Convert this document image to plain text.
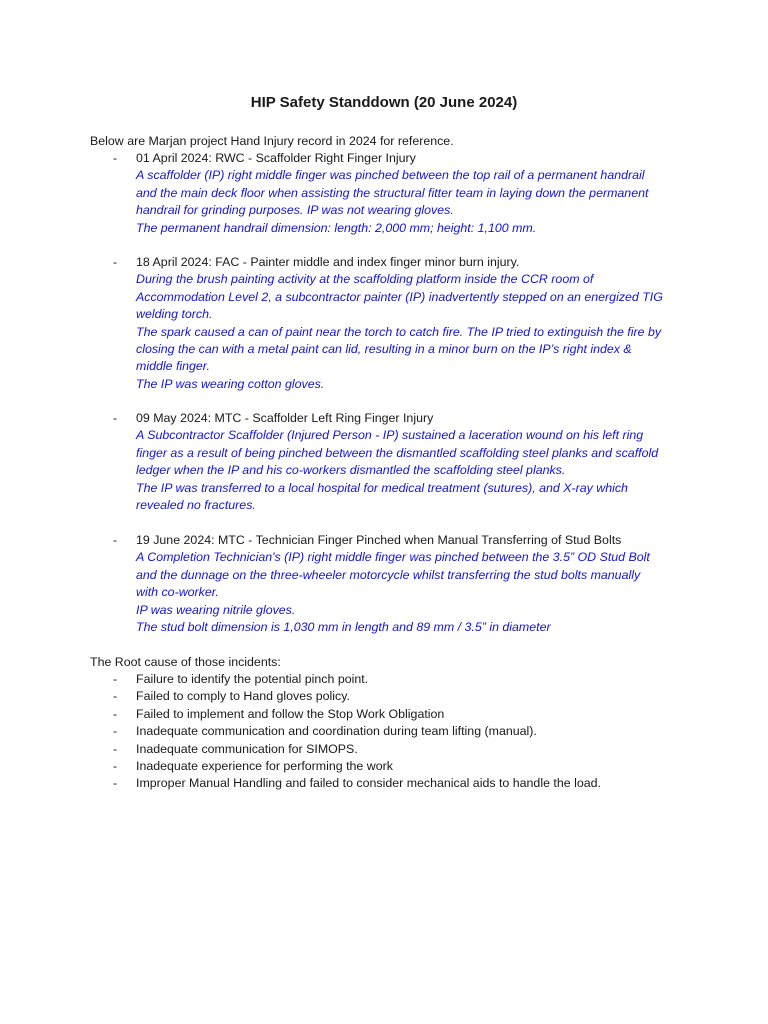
HIP Safety Standdown (20 June 2024)
Below are Marjan project Hand Injury record in 2024 for reference.
- 01 April 2024: RWC - Scaffolder Right Finger Injury
A scaffolder (IP) right middle finger was pinched between the top rail of a permanent handrail
and the main deck floor when assisting the structural fitter team in laying down the permanent
handrail for grinding purposes. IP was not wearing gloves.
The permanent handrail dimension: length: 2,000 mm; height: 1,100 mm.
- 18 April 2024: FAC - Painter middle and index finger minor burn injury.
During the brush painting activity at the scaffolding platform inside the CCR room of
Accommodation Level 2, a subcontractor painter (IP) inadvertently stepped on an energized TIG
welding torch.
The spark caused a can of paint near the torch to catch fire. The IP tried to extinguish the fire by
closing the can with a metal paint can lid, resulting in a minor burn on the IP’s right index &
middle finger.
The IP was wearing cotton gloves.
- 09 May 2024: MTC - Scaffolder Left Ring Finger Injury
A Subcontractor Scaffolder (Injured Person - IP) sustained a laceration wound on his left ring
finger as a result of being pinched between the dismantled scaffolding steel planks and scaffold
ledger when the IP and his co-workers dismantled the scaffolding steel planks.
The IP was transferred to a local hospital for medical treatment (sutures), and X-ray which
revealed no fractures.
- 19 June 2024: MTC - Technician Finger Pinched when Manual Transferring of Stud Bolts
A Completion Technician's (IP) right middle finger was pinched between the 3.5” OD Stud Bolt
and the dunnage on the three-wheeler motorcycle whilst transferring the stud bolts manually
with co-worker.
IP was wearing nitrile gloves.
The stud bolt dimension is 1,030 mm in length and 89 mm / 3.5” in diameter
The Root cause of those incidents:
- Failure to identify the potential pinch point.
- Failed to comply to Hand gloves policy.
- Failed to implement and follow the Stop Work Obligation
- Inadequate communication and coordination during team lifting (manual).
- Inadequate communication for SIMOPS.
- Inadequate experience for performing the work
- Improper Manual Handling and failed to consider mechanical aids to handle the load.
